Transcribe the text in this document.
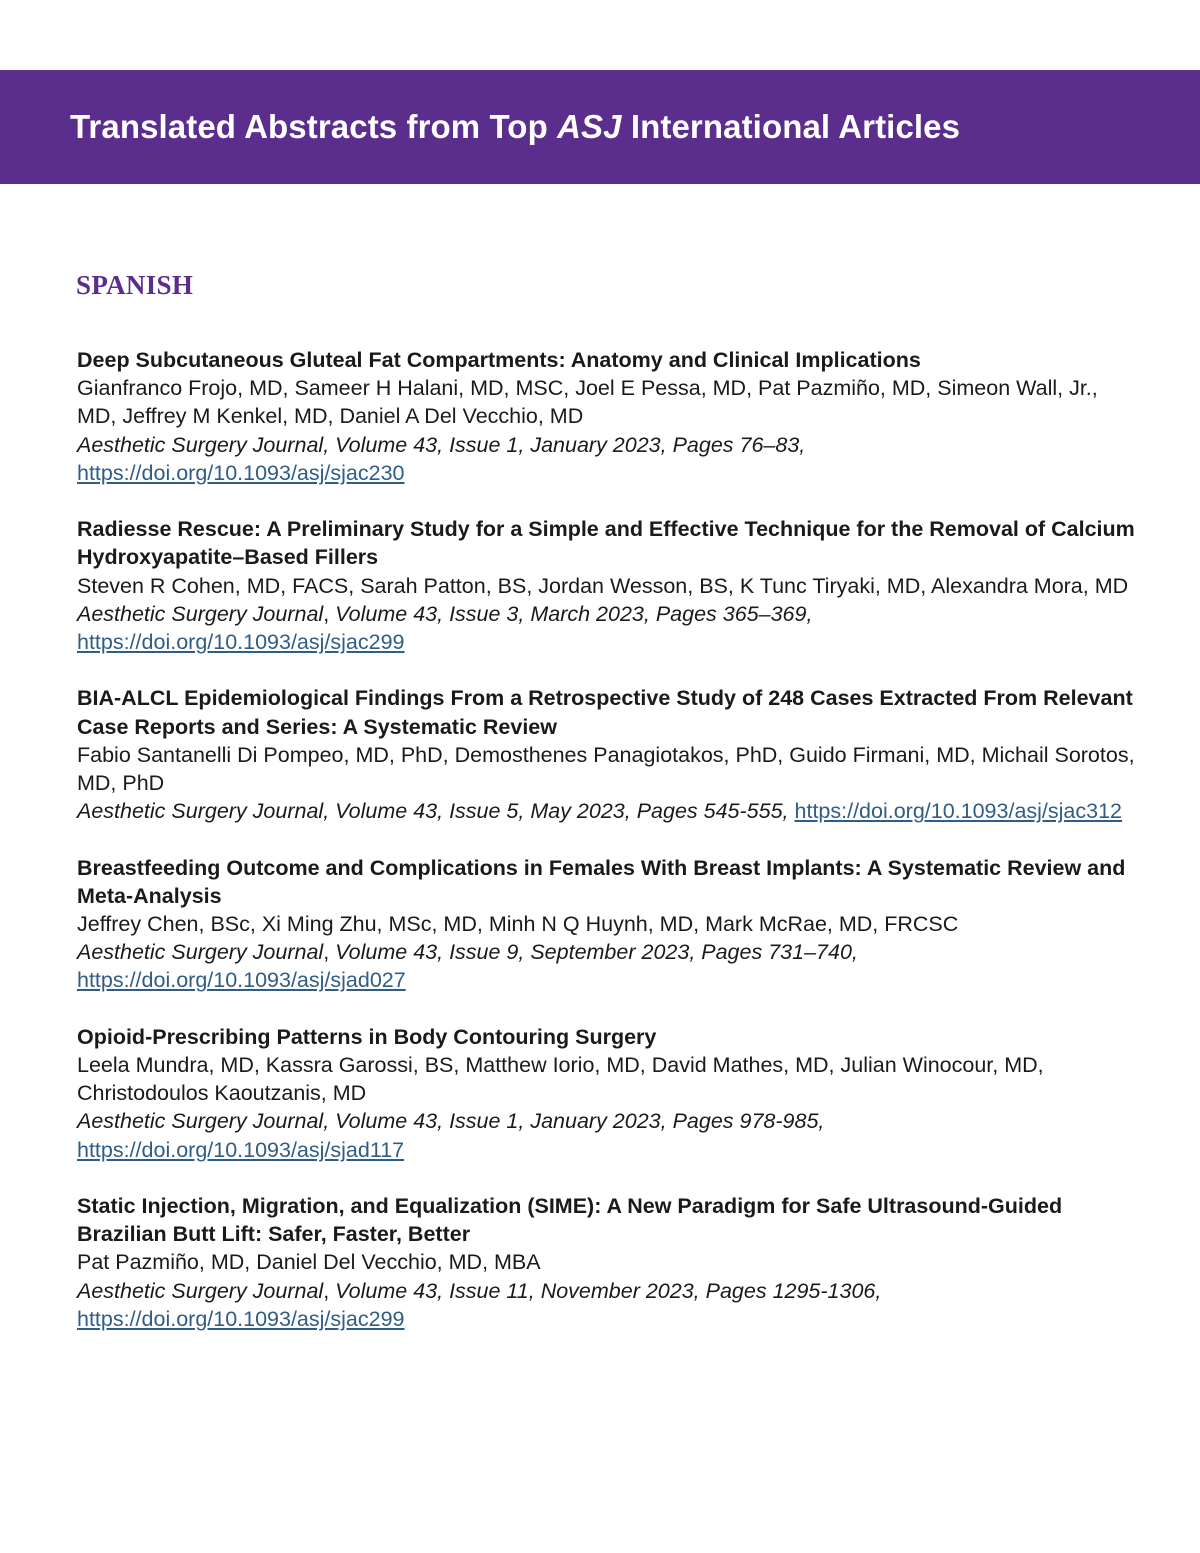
Translated Abstracts from Top ASJ International Articles
SPANISH

Deep Subcutaneous Gluteal Fat Compartments: Anatomy and Clinical Implications

Gianfranco Frojo, MD, Sameer H Halani, MD, MSC, Joel E Pessa, MD, Pat Pazmiño, MD, Simeon Wall, Jr., MD, Jeffrey M Kenkel, MD, Daniel A Del Vecchio, MD

Aesthetic Surgery Journal, Volume 43, Issue 1, January 2023, Pages 76–83,
https://doi.org/10.1093/asj/sjac230

Radiesse Rescue: A Preliminary Study for a Simple and Effective Technique for the Removal of Calcium Hydroxyapatite–Based Fillers

Steven R Cohen, MD, FACS, Sarah Patton, BS, Jordan Wesson, BS, K Tunc Tiryaki, MD, Alexandra Mora, MD

Aesthetic Surgery Journal, Volume 43, Issue 3, March 2023, Pages 365–369,
https://doi.org/10.1093/asj/sjac299

BIA-ALCL Epidemiological Findings From a Retrospective Study of 248 Cases Extracted From Relevant Case Reports and Series: A Systematic Review

Fabio Santanelli Di Pompeo, MD, PhD, Demosthenes Panagiotakos, PhD, Guido Firmani, MD, Michail Sorotos, MD, PhD

Aesthetic Surgery Journal, Volume 43, Issue 5, May 2023, Pages 545-555, https://doi.org/10.1093/asj/sjac312

Breastfeeding Outcome and Complications in Females With Breast Implants: A Systematic Review and Meta-Analysis

Jeffrey Chen, BSc, Xi Ming Zhu, MSc, MD, Minh N Q Huynh, MD, Mark McRae, MD, FRCSC

Aesthetic Surgery Journal, Volume 43, Issue 9, September 2023, Pages 731–740,
https://doi.org/10.1093/asj/sjad027

Opioid-Prescribing Patterns in Body Contouring Surgery

Leela Mundra, MD, Kassra Garossi, BS, Matthew Iorio, MD, David Mathes, MD, Julian Winocour, MD, Christodoulos Kaoutzanis, MD

Aesthetic Surgery Journal, Volume 43, Issue 1, January 2023, Pages 978-985,
https://doi.org/10.1093/asj/sjad117

Static Injection, Migration, and Equalization (SIME): A New Paradigm for Safe Ultrasound-Guided Brazilian Butt Lift: Safer, Faster, Better

Pat Pazmiño, MD, Daniel Del Vecchio, MD, MBA

Aesthetic Surgery Journal, Volume 43, Issue 11, November 2023, Pages 1295-1306,
https://doi.org/10.1093/asj/sjac299
